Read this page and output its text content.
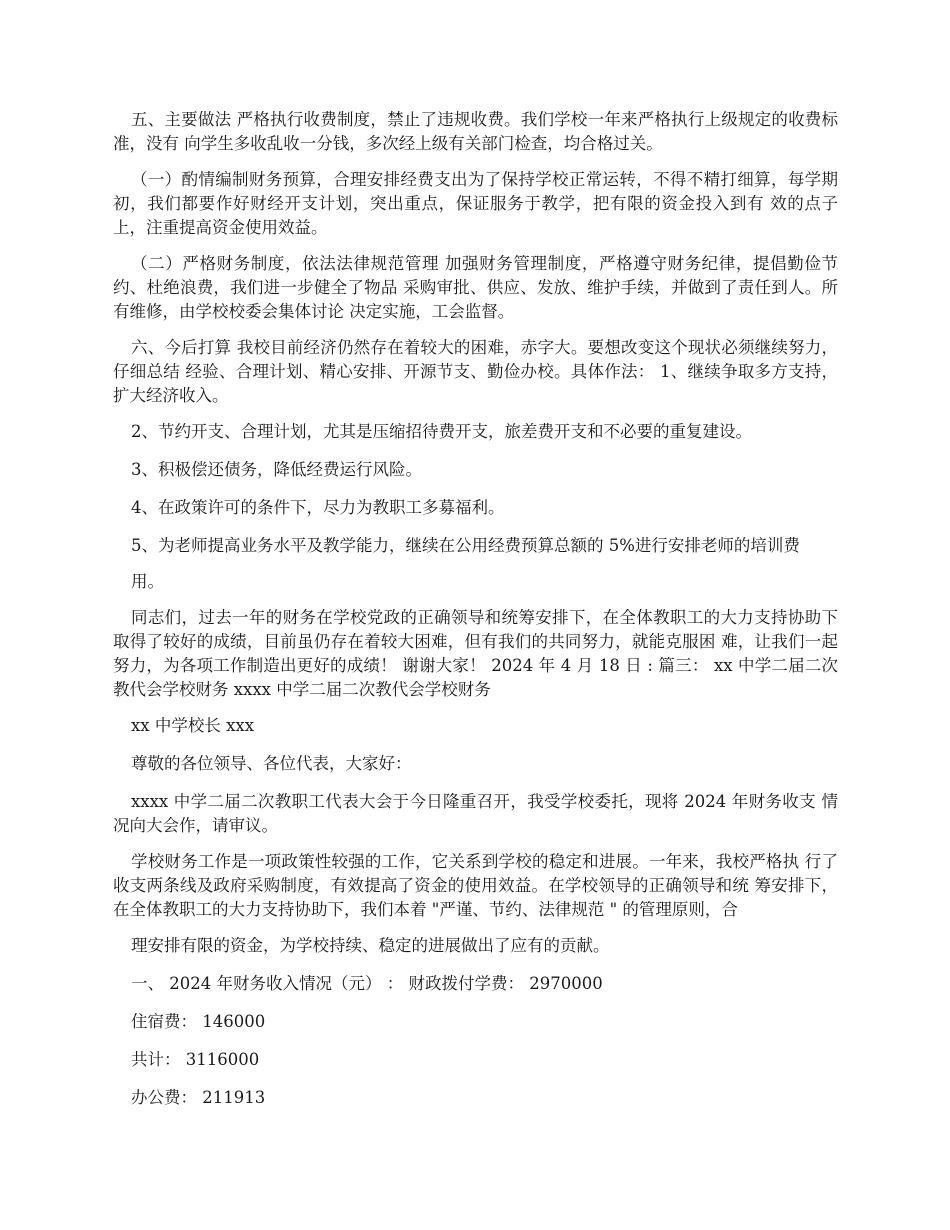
五、主要做法 严格执行收费制度，禁止了违规收费。我们学校一年来严格执行上级规定的收费标准，没有 向学生多收乱收一分钱，多次经上级有关部门检查，均合格过关。

（一）酌情编制财务预算，合理安排经费支出为了保持学校正常运转，不得不精打细算，每学期初，我们都要作好财经开支计划，突出重点，保证服务于教学，把有限的资金投入到有 效的点子上，注重提高资金使用效益。

（二）严格财务制度，依法法律规范管理 加强财务管理制度，严格遵守财务纪律，提倡勤俭节约、杜绝浪费，我们进一步健全了物品 采购审批、供应、发放、维护手续，并做到了责任到人。所有维修，由学校校委会集体讨论 决定实施，工会监督。

六、今后打算 我校目前经济仍然存在着较大的困难，赤字大。要想改变这个现状必须继续努力，仔细总结 经验、合理计划、精心安排、开源节支、勤俭办校。具体作法： 1、继续争取多方支持，扩大经济收入。

2、节约开支、合理计划，尤其是压缩招待费开支，旅差费开支和不必要的重复建设。

3、积极偿还债务，降低经费运行风险。

4、在政策许可的条件下，尽力为教职工多募福利。

5、为老师提高业务水平及教学能力，继续在公用经费预算总额的 5%进行安排老师的培训费

用。

同志们，过去一年的财务在学校党政的正确领导和统筹安排下，在全体教职工的大力支持协助下取得了较好的成绩，目前虽仍存在着较大困难，但有我们的共同努力，就能克服困 难，让我们一起努力，为各项工作制造出更好的成绩！ 谢谢大家！ 2024 年 4 月 18 日 : 篇三： xx 中学二届二次教代会学校财务 xxxx 中学二届二次教代会学校财务

xx 中学校长 xxx

尊敬的各位领导、各位代表，大家好：

xxxx 中学二届二次教职工代表大会于今日隆重召开，我受学校委托，现将 2024 年财务收支 情况向大会作，请审议。

学校财务工作是一项政策性较强的工作，它关系到学校的稳定和进展。一年来，我校严格执 行了收支两条线及政府采购制度，有效提高了资金的使用效益。在学校领导的正确领导和统 筹安排下，在全体教职工的大力支持协助下，我们本着 "严谨、节约、法律规范 " 的管理原则，合

理安排有限的资金，为学校持续、稳定的进展做出了应有的贡献。

一、 2024 年财务收入情况（元） ： 财政拨付学费： 2970000

住宿费： 146000

共计： 3116000

办公费： 211913
